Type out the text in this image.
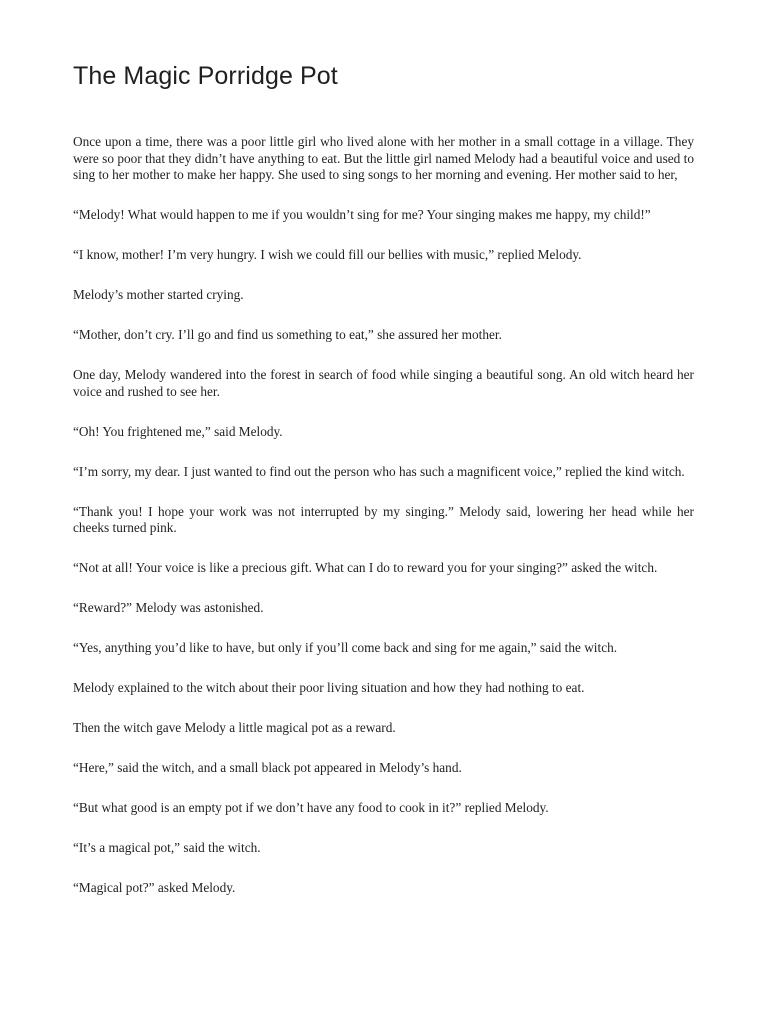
The Magic Porridge Pot

Once upon a time, there was a poor little girl who lived alone with her mother in a small cottage in a village. They were so poor that they didn’t have anything to eat. But the little girl named Melody had a beautiful voice and used to sing to her mother to make her happy. She used to sing songs to her morning and evening. Her mother said to her,

“Melody! What would happen to me if you wouldn’t sing for me? Your singing makes me happy, my child!”

“I know, mother! I’m very hungry. I wish we could fill our bellies with music,” replied Melody.

Melody’s mother started crying.

“Mother, don’t cry. I’ll go and find us something to eat,” she assured her mother.

One day, Melody wandered into the forest in search of food while singing a beautiful song. An old witch heard her voice and rushed to see her.

“Oh! You frightened me,” said Melody.

“I’m sorry, my dear. I just wanted to find out the person who has such a magnificent voice,” replied the kind witch.

“Thank you! I hope your work was not interrupted by my singing.” Melody said, lowering her head while her cheeks turned pink.

“Not at all! Your voice is like a precious gift. What can I do to reward you for your singing?” asked the witch.

“Reward?” Melody was astonished.

“Yes, anything you’d like to have, but only if you’ll come back and sing for me again,” said the witch.

Melody explained to the witch about their poor living situation and how they had nothing to eat.

Then the witch gave Melody a little magical pot as a reward.

“Here,” said the witch, and a small black pot appeared in Melody’s hand.

“But what good is an empty pot if we don’t have any food to cook in it?” replied Melody.

“It’s a magical pot,” said the witch.

“Magical pot?” asked Melody.
